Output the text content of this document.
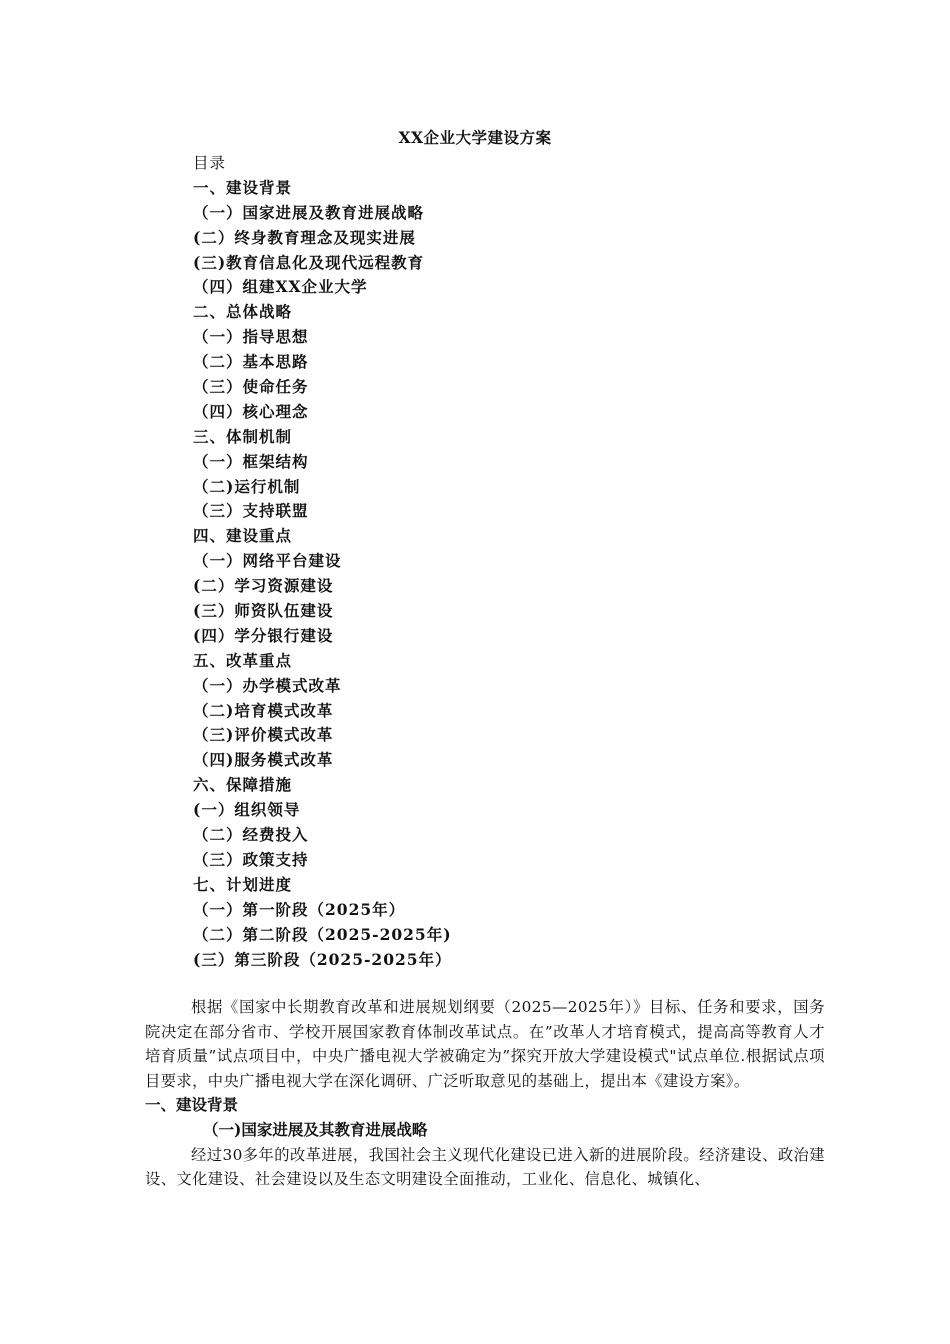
XX企业大学建设方案
目录
一、建设背景
（一）国家进展及教育进展战略
(二）终身教育理念及现实进展
(三)教育信息化及现代远程教育
（四）组建XX企业大学
二、总体战略
（一）指导思想
（二）基本思路
（三）使命任务
（四）核心理念
三、体制机制
（一）框架结构
（二)运行机制
（三）支持联盟
四、建设重点
（一）网络平台建设
(二）学习资源建设
(三）师资队伍建设
(四）学分银行建设
五、改革重点
（一）办学模式改革
（二)培育模式改革
（三)评价模式改革
（四)服务模式改革
六、保障措施
(一）组织领导
（二）经费投入
（三）政策支持
七、计划进度
（一）第一阶段（2025年）
（二）第二阶段（2025-2025年)
(三）第三阶段（2025-2025年）

根据《国家中长期教育改革和进展规划纲要（2025—2025年）》目标、任务和要求，国务院决定在部分省市、学校开展国家教育体制改革试点。在”改革人才培育模式，提高高等教育人才培育质量”试点项目中，中央广播电视大学被确定为”探究开放大学建设模式"试点单位.根据试点项目要求，中央广播电视大学在深化调研、广泛听取意见的基础上，提出本《建设方案》。

一、建设背景

（一)国家进展及其教育进展战略

经过30多年的改革进展，我国社会主义现代化建设已进入新的进展阶段。经济建设、政治建设、文化建设、社会建设以及生态文明建设全面推动，工业化、信息化、城镇化、
